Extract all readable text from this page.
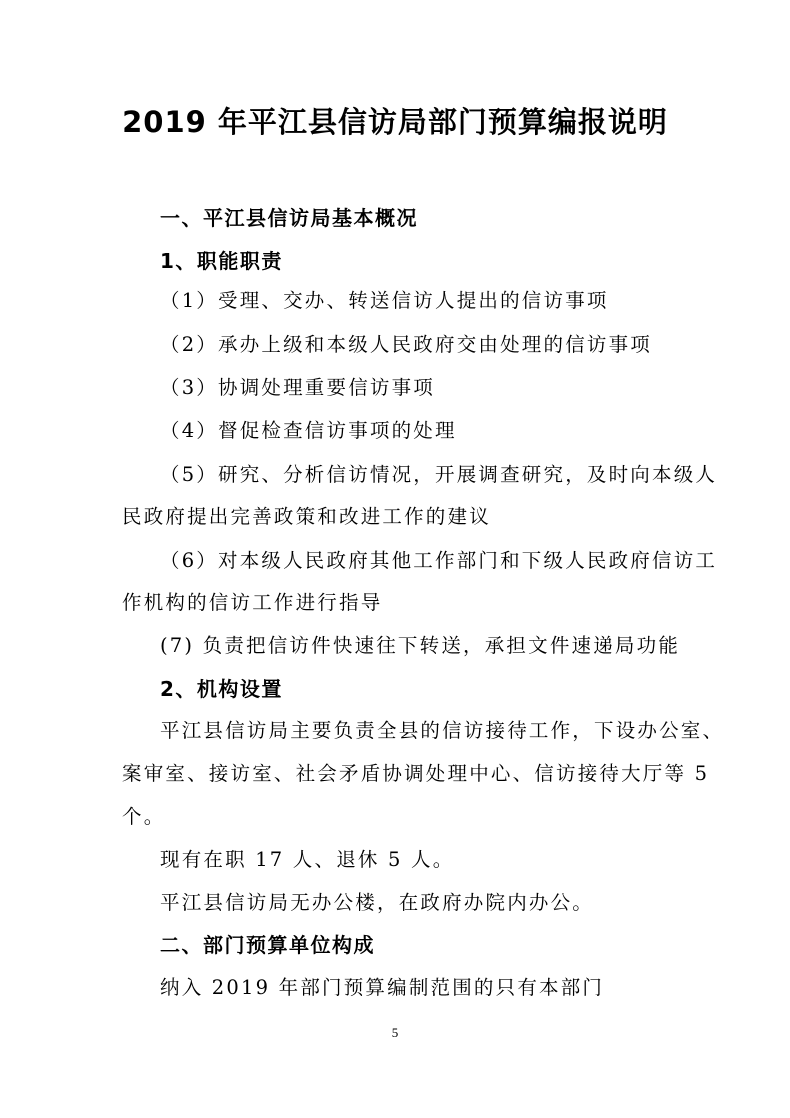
2019 年平江县信访局部门预算编报说明
一、平江县信访局基本概况
1、职能职责
（1）受理、交办、转送信访人提出的信访事项
（2）承办上级和本级人民政府交由处理的信访事项
（3）协调处理重要信访事项
（4）督促检查信访事项的处理
（5）研究、分析信访情况，开展调查研究，及时向本级人
民政府提出完善政策和改进工作的建议
（6）对本级人民政府其他工作部门和下级人民政府信访工
作机构的信访工作进行指导
(7) 负责把信访件快速往下转送，承担文件速递局功能
2、机构设置
平江县信访局主要负责全县的信访接待工作，下设办公室、
案审室、接访室、社会矛盾协调处理中心、信访接待大厅等 5
个。
现有在职 17 人、退休 5 人。
平江县信访局无办公楼，在政府办院内办公。
二、部门预算单位构成
纳入 2019 年部门预算编制范围的只有本部门
5
